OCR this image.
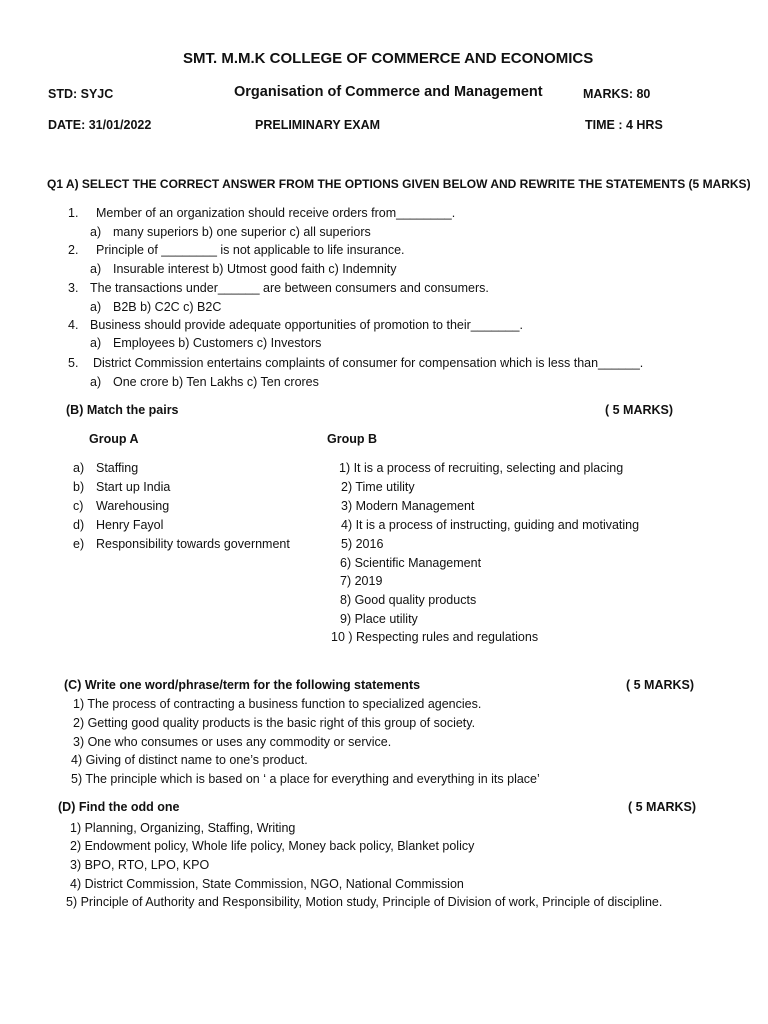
SMT. M.M.K COLLEGE OF COMMERCE AND ECONOMICS
STD: SYJC	Organisation of Commerce and Management	MARKS: 80
DATE: 31/01/2022	PRELIMINARY EXAM	TIME : 4 HRS
Q1 A) SELECT THE CORRECT ANSWER FROM THE OPTIONS GIVEN BELOW AND REWRITE THE STATEMENTS (5 MARKS)
1. Member of an organization should receive orders from________.
a) many superiors b) one superior c) all superiors
2. Principle of ________ is not applicable to life insurance.
a) Insurable interest b) Utmost good faith c) Indemnity
3. The transactions under______ are between consumers and consumers.
a) B2B b) C2C c) B2C
4. Business should provide adequate opportunities of promotion to their_______.
a) Employees b) Customers c) Investors
5. District Commission entertains complaints of consumer for compensation which is less than______.
a) One crore b) Ten Lakhs c) Ten crores
(B) Match the pairs	( 5 MARKS)
Group A	Group B
a) Staffing
b) Start up India
c) Warehousing
d) Henry Fayol
e) Responsibility towards government
1) It is a process of recruiting, selecting and placing
2) Time utility
3) Modern Management
4) It is a process of instructing, guiding and motivating
5) 2016
6) Scientific Management
7) 2019
8) Good quality products
9) Place utility
10 ) Respecting rules and regulations
(C) Write one word/phrase/term for the following statements	( 5 MARKS)
1) The process of contracting a business function to specialized agencies.
2) Getting good quality products is the basic right of this group of society.
3) One who consumes or uses any commodity or service.
4) Giving of distinct name to one’s product.
5) The principle which is based on ‘ a place for everything and everything in its place’
(D) Find the odd one	( 5 MARKS)
1) Planning, Organizing, Staffing, Writing
2) Endowment policy, Whole life policy, Money back policy, Blanket policy
3) BPO, RTO, LPO, KPO
4) District Commission, State Commission, NGO, National Commission
5) Principle of Authority and Responsibility, Motion study, Principle of Division of work, Principle of discipline.
